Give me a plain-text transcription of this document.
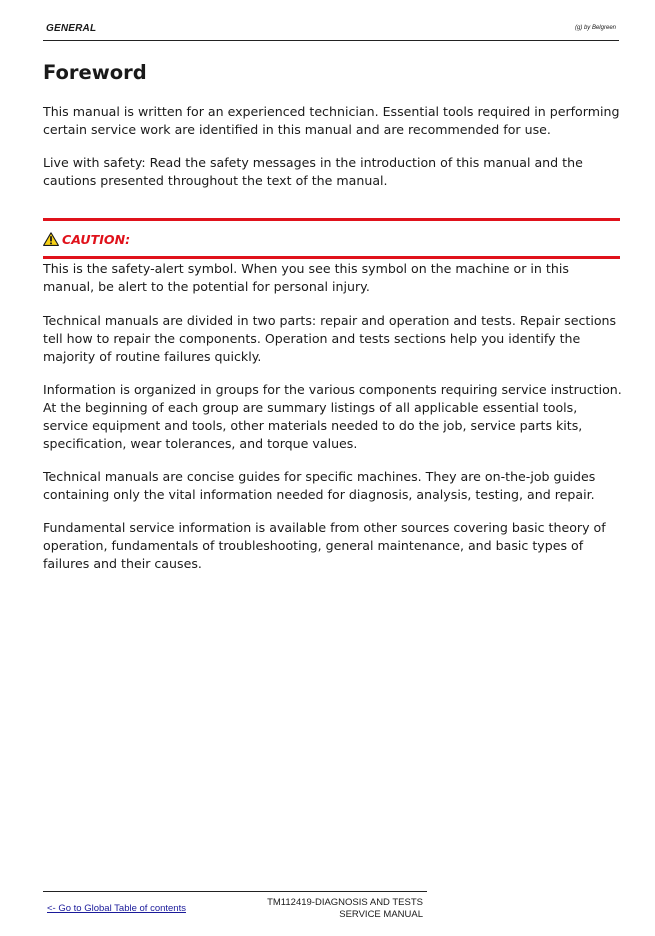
GENERAL	(g) by Belgreen
Foreword

This manual is written for an experienced technician. Essential tools required in performing certain service work are identified in this manual and are recommended for use.

Live with safety: Read the safety messages in the introduction of this manual and the cautions presented throughout the text of the manual.

CAUTION:

This is the safety-alert symbol. When you see this symbol on the machine or in this manual, be alert to the potential for personal injury.

Technical manuals are divided in two parts: repair and operation and tests. Repair sections tell how to repair the components. Operation and tests sections help you identify the majority of routine failures quickly.

Information is organized in groups for the various components requiring service instruction. At the beginning of each group are summary listings of all applicable essential tools, service equipment and tools, other materials needed to do the job, service parts kits, specification, wear tolerances, and torque values.

Technical manuals are concise guides for specific machines. They are on-the-job guides containing only the vital information needed for diagnosis, analysis, testing, and repair.

Fundamental service information is available from other sources covering basic theory of operation, fundamentals of troubleshooting, general maintenance, and basic types of failures and their causes.

<- Go to Global Table of contents
TM112419-DIAGNOSIS AND TESTS
SERVICE MANUAL
